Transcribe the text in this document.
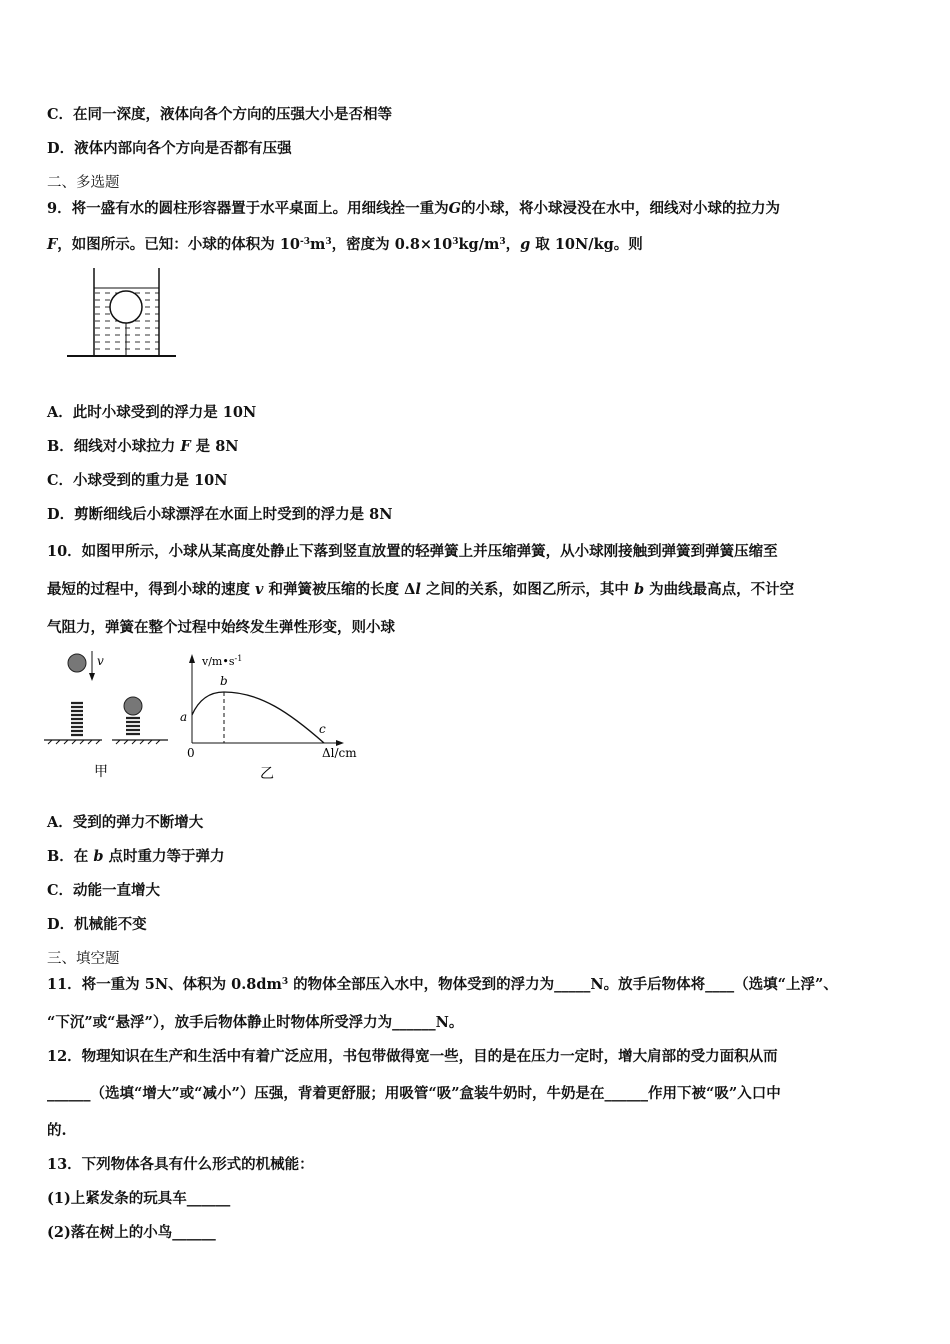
C．在同一深度，液体向各个方向的压强大小是否相等
D．液体内部向各个方向是否都有压强
二、多选题
9．将一盛有水的圆柱形容器置于水平桌面上。用细线拴一重为G的小球，将小球浸没在水中，细线对小球的拉力为
F，如图所示。已知：小球的体积为 $10^{-3}m^3$，密度为 $0.8\times 10^3kg/m^3$，g 取 10N/kg。则
A．此时小球受到的浮力是 10N
B．细线对小球拉力 F 是 8N
C．小球受到的重力是 10N
D．剪断细线后小球漂浮在水面上时受到的浮力是 8N
10．如图甲所示，小球从某高度处静止下落到竖直放置的轻弹簧上并压缩弹簧，从小球刚接触到弹簧到弹簧压缩至
最短的过程中，得到小球的速度 v 和弹簧被压缩的长度 Δl 之间的关系，如图乙所示，其中 b 为曲线最高点，不计空
气阻力，弹簧在整个过程中始终发生弹性形变，则小球
v
甲
$v/m•s^{-1}$
a
b
c
0	Δl/cm
乙
A．受到的弹力不断增大
B．在 b 点时重力等于弹力
C．动能一直增大
D．机械能不变
三、填空题
11．将一重为 5N、体积为 $0.8dm^3$ 的物体全部压入水中，物体受到的浮力为_____N。放手后物体将____（选填“上浮”、
“下沉”或“悬浮”），放手后物体静止时物体所受浮力为______N。
12．物理知识在生产和生活中有着广泛应用，书包带做得宽一些，目的是在压力一定时，增大肩部的受力面积从而
______（选填“增大”或“减小”）压强，背着更舒服；用吸管“吸”盒装牛奶时，牛奶是在______作用下被“吸”入口中
的.
13．下列物体各具有什么形式的机械能：
(1)上紧发条的玩具车______
(2)落在树上的小鸟______
